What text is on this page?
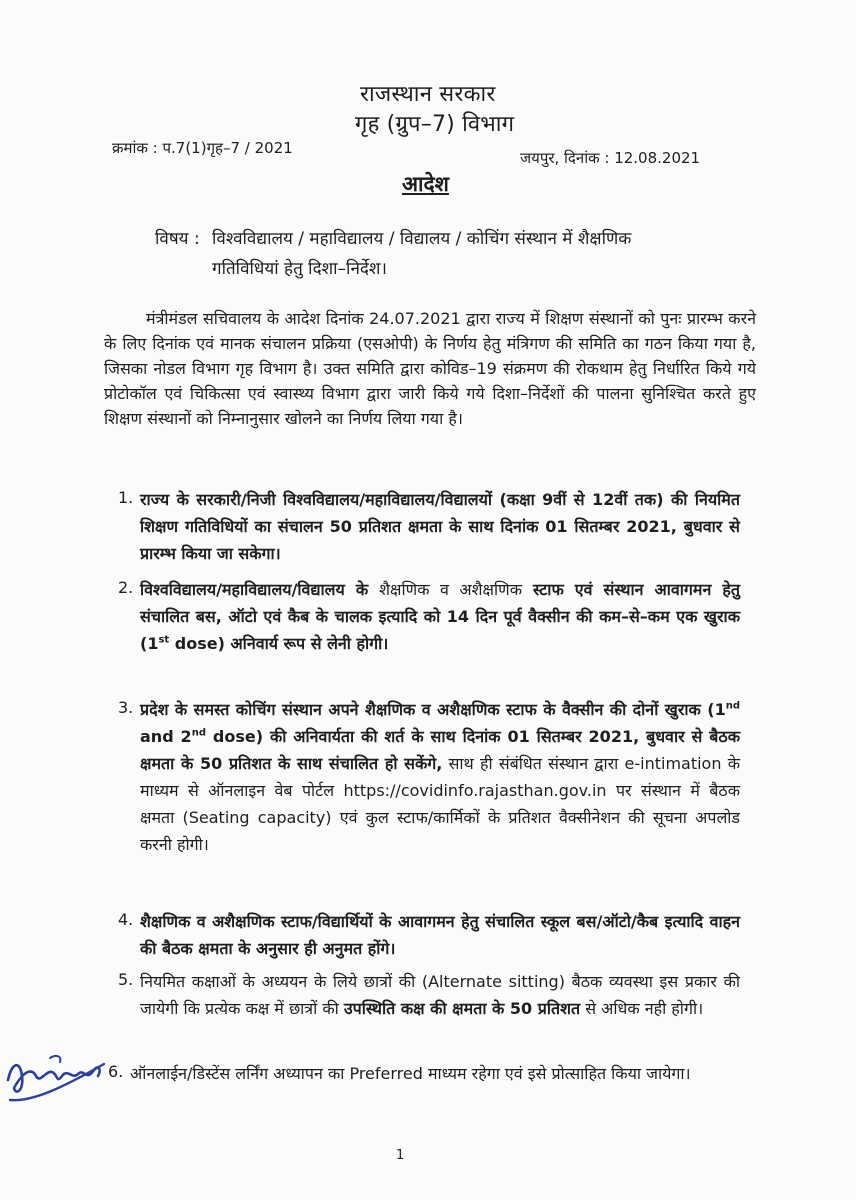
राजस्थान सरकार
गृह (ग्रुप–7) विभाग
क्रमांक : प.7(1)गृह–7 / 2021
जयपुर, दिनांक : 12.08.2021
आदेश
विषय : विश्वविद्यालय / महाविद्यालय / विद्यालय / कोचिंग संस्थान में शैक्षणिक
गतिविधियां हेतु दिशा–निर्देश।
मंत्रीमंडल सचिवालय के आदेश दिनांक 24.07.2021 द्वारा राज्य में शिक्षण संस्थानों को पुनः प्रारम्भ करने के लिए दिनांक एवं मानक संचालन प्रक्रिया (एसओपी) के निर्णय हेतु मंत्रिगण की समिति का गठन किया गया है, जिसका नोडल विभाग गृह विभाग है। उक्त समिति द्वारा कोविड–19 संक्रमण की रोकथाम हेतु निर्धारित किये गये प्रोटोकॉल एवं चिकित्सा एवं स्वास्थ्य विभाग द्वारा जारी किये गये दिशा–निर्देशों की पालना सुनिश्चित करते हुए शिक्षण संस्थानों को निम्नानुसार खोलने का निर्णय लिया गया है।
1. राज्य के सरकारी/निजी विश्वविद्यालय/महाविद्यालय/विद्यालयों (कक्षा 9वीं से 12वीं तक) की नियमित शिक्षण गतिविधियों का संचालन 50 प्रतिशत क्षमता के साथ दिनांक 01 सितम्बर 2021, बुधवार से प्रारम्भ किया जा सकेगा।
2. विश्वविद्यालय/महाविद्यालय/विद्यालय के शैक्षणिक व अशैक्षणिक स्टाफ एवं संस्थान आवागमन हेतु संचालित बस, ऑटो एवं कैब के चालक इत्यादि को 14 दिन पूर्व वैक्सीन की कम–से–कम एक खुराक (1st dose) अनिवार्य रूप से लेनी होगी।
3. प्रदेश के समस्त कोचिंग संस्थान अपने शैक्षणिक व अशैक्षणिक स्टाफ के वैक्सीन की दोनों खुराक (1nd and 2nd dose) की अनिवार्यता की शर्त के साथ दिनांक 01 सितम्बर 2021, बुधवार से बैठक क्षमता के 50 प्रतिशत के साथ संचालित हो सकेंगे, साथ ही संबंधित संस्थान द्वारा e-intimation के माध्यम से ऑनलाइन वेब पोर्टल https://covidinfo.rajasthan.gov.in पर संस्थान में बैठक क्षमता (Seating capacity) एवं कुल स्टाफ/कार्मिकों के प्रतिशत वैक्सीनेशन की सूचना अपलोड करनी होगी।
4. शैक्षणिक व अशैक्षणिक स्टाफ/विद्यार्थियों के आवागमन हेतु संचालित स्कूल बस/ऑटो/कैब इत्यादि वाहन की बैठक क्षमता के अनुसार ही अनुमत होंगे।
5. नियमित कक्षाओं के अध्ययन के लिये छात्रों की (Alternate sitting) बैठक व्यवस्था इस प्रकार की जायेगी कि प्रत्येक कक्ष में छात्रों की उपस्थिति कक्ष की क्षमता के 50 प्रतिशत से अधिक नही होगी।
6. ऑनलाईन/डिस्टेंस लर्निंग अध्यापन का Preferred माध्यम रहेगा एवं इसे प्रोत्साहित किया जायेगा।
1
